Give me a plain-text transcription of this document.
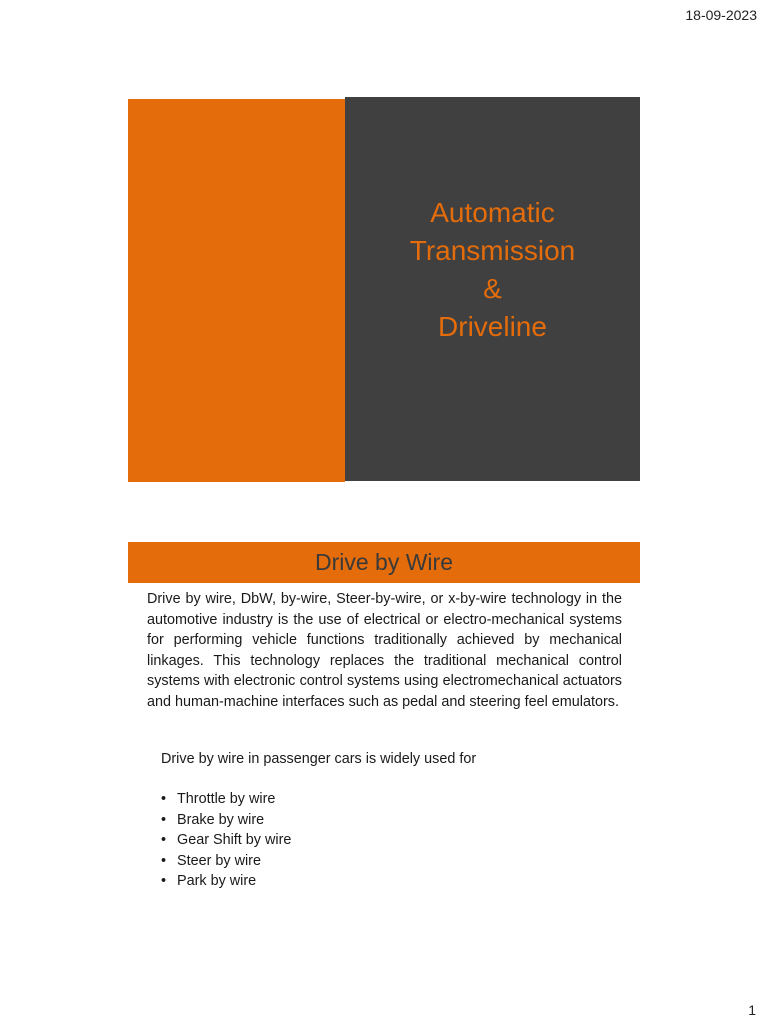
18-09-2023
Automatic
Transmission
&
Driveline
Drive by Wire
Drive by wire, DbW, by-wire, Steer-by-wire, or x-by-wire technology in the automotive industry is the use of electrical or electro-mechanical systems for performing vehicle functions traditionally achieved by mechanical linkages. This technology replaces the traditional mechanical control systems with electronic control systems using electromechanical actuators and human-machine interfaces such as pedal and steering feel emulators.
Drive by wire in passenger cars is widely used for
• Throttle by wire
• Brake by wire
• Gear Shift by wire
• Steer by wire
• Park by wire
1
